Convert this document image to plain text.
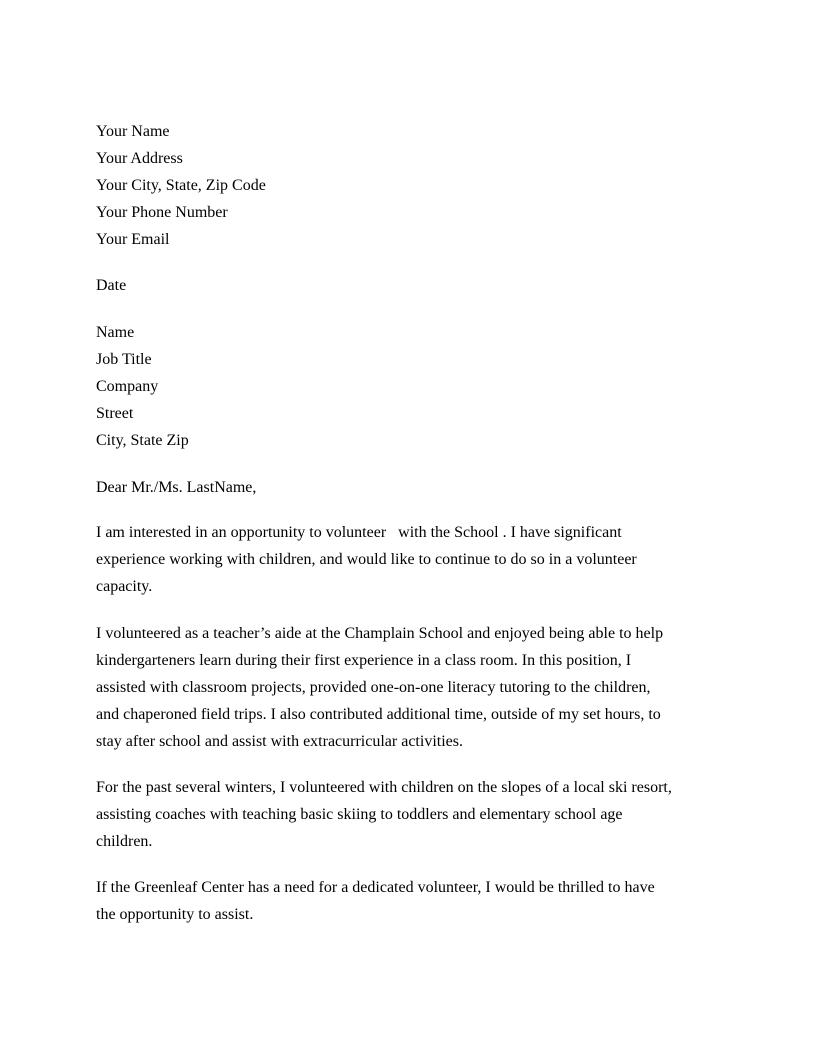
Your Name
Your Address
Your City, State, Zip Code
Your Phone Number
Your Email
Date
Name
Job Title
Company
Street
City, State Zip
Dear Mr./Ms. LastName,
I am interested in an opportunity to volunteer   with the School . I have significant
experience working with children, and would like to continue to do so in a volunteer
capacity.
I volunteered as a teacher’s aide at the Champlain School and enjoyed being able to help
kindergarteners learn during their first experience in a class room. In this position, I
assisted with classroom projects, provided one-on-one literacy tutoring to the children,
and chaperoned field trips. I also contributed additional time, outside of my set hours, to
stay after school and assist with extracurricular activities.
For the past several winters, I volunteered with children on the slopes of a local ski resort,
assisting coaches with teaching basic skiing to toddlers and elementary school age
children.
If the Greenleaf Center has a need for a dedicated volunteer, I would be thrilled to have
the opportunity to assist.
